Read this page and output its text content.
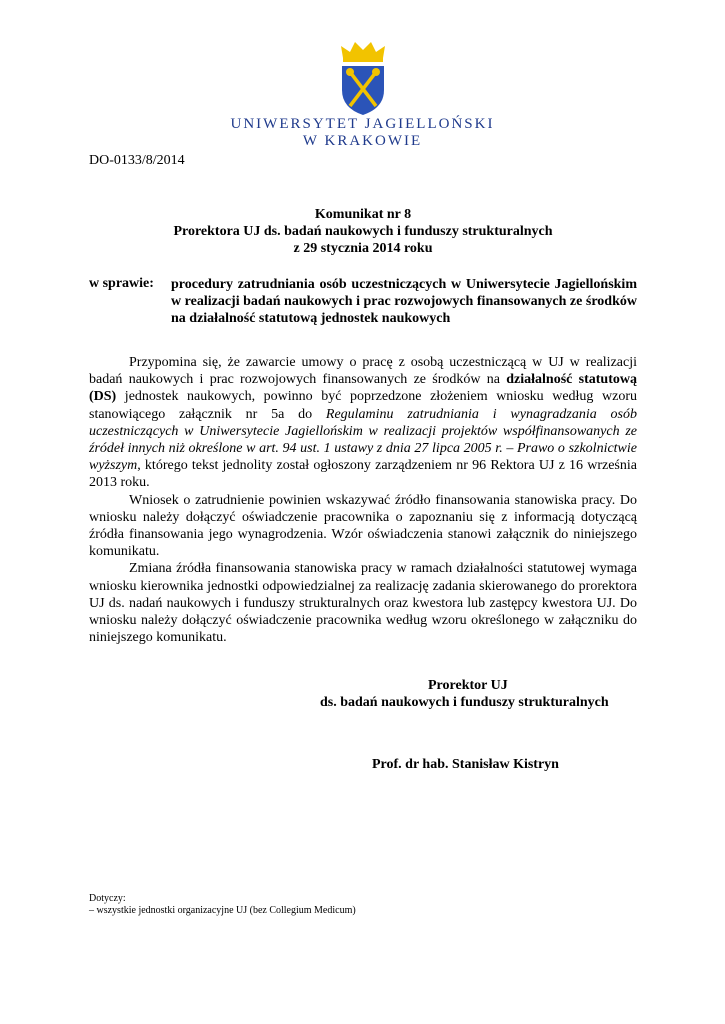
UNIWERSYTET JAGIELLOŃSKI
W KRAKOWIE
DO-0133/8/2014
Komunikat nr 8
Prorektora UJ ds. badań naukowych i funduszy strukturalnych
z 29 stycznia 2014 roku
w sprawie: procedury zatrudniania osób uczestniczących w Uniwersytecie Jagiellońskim w realizacji badań naukowych i prac rozwojowych finansowanych ze środków na działalność statutową jednostek naukowych

Przypomina się, że zawarcie umowy o pracę z osobą uczestniczącą w UJ w realizacji badań naukowych i prac rozwojowych finansowanych ze środków na działalność statutową (DS) jednostek naukowych, powinno być poprzedzone złożeniem wniosku według wzoru stanowiącego załącznik nr 5a do Regulaminu zatrudniania i wynagradzania osób uczestniczących w Uniwersytecie Jagiellońskim w realizacji projektów współfinansowanych ze źródeł innych niż określone w art. 94 ust. 1 ustawy z dnia 27 lipca 2005 r. – Prawo o szkolnictwie wyższym, którego tekst jednolity został ogłoszony zarządzeniem nr 96 Rektora UJ z 16 września 2013 roku.

Wniosek o zatrudnienie powinien wskazywać źródło finansowania stanowiska pracy. Do wniosku należy dołączyć oświadczenie pracownika o zapoznaniu się z informacją dotyczącą źródła finansowania jego wynagrodzenia. Wzór oświadczenia stanowi załącznik do niniejszego komunikatu.

Zmiana źródła finansowania stanowiska pracy w ramach działalności statutowej wymaga wniosku kierownika jednostki odpowiedzialnej za realizację zadania skierowanego do prorektora UJ ds. nadań naukowych i funduszy strukturalnych oraz kwestora lub zastępcy kwestora UJ. Do wniosku należy dołączyć oświadczenie pracownika według wzoru określonego w załączniku do niniejszego komunikatu.

Prorektor UJ
ds. badań naukowych i funduszy strukturalnych
Prof. dr hab. Stanisław Kistryn
Dotyczy:
– wszystkie jednostki organizacyjne UJ (bez Collegium Medicum)
